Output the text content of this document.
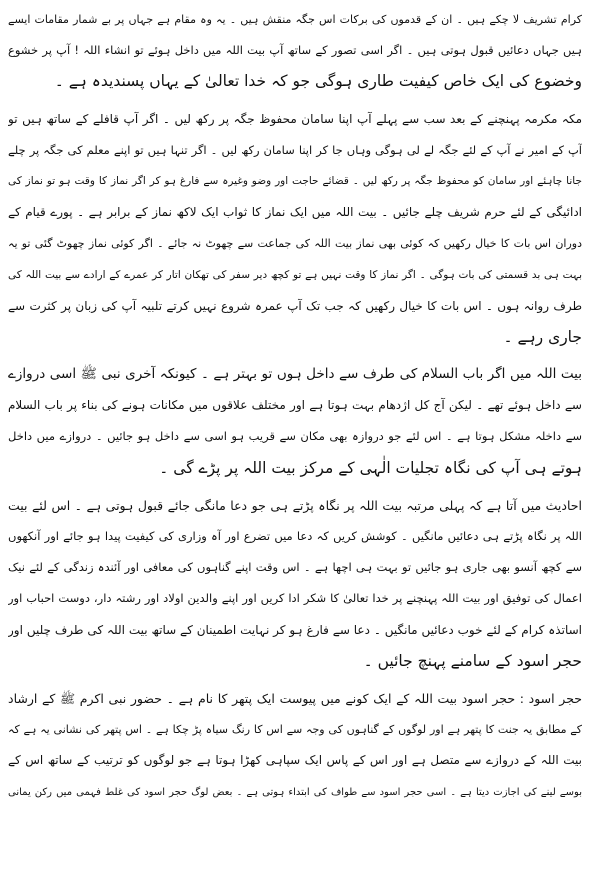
کرام تشریف لا چکے ہیں ۔ ان کے قدموں کی برکات اس جگہ منقش ہیں ۔ یہ وہ مقام ہے جہاں پر بے شمار مقامات ایسے
ہیں جہاں دعائیں قبول ہوتی ہیں ۔ اگر اسی تصور کے ساتھ آپ بیت اللہ میں داخل ہوئے تو انشاء اللہ ! آپ پر خشوع
وخضوع کی ایک خاص کیفیت طاری ہوگی جو کہ خدا تعالیٰ کے یہاں پسندیدہ ہے ۔
مکہ مکرمہ پہنچنے کے بعد سب سے پہلے آپ اپنا سامان محفوظ جگہ پر رکھ لیں ۔ اگر آپ قافلے کے ساتھ ہیں تو
آپ کے امیر نے آپ کے لئے جگہ لے لی ہوگی وہاں جا کر اپنا سامان رکھ لیں ۔ اگر تنہا ہیں تو اپنے معلم کی جگہ پر چلے
جانا چاہئے اور سامان کو محفوظ جگہ پر رکھ لیں ۔ قضائے حاجت اور وضو وغیرہ سے فارغ ہو کر اگر نماز کا وقت ہو تو نماز کی
ادائیگی کے لئے حرم شریف چلے جائیں ۔ بیت اللہ میں ایک نماز کا ثواب ایک لاکھ نماز کے برابر ہے ۔ پورے قیام کے
دوران اس بات کا خیال رکھیں کہ کوئی بھی نماز بیت اللہ کی جماعت سے چھوٹ نہ جائے ۔ اگر کوئی نماز چھوٹ گئی تو یہ
بہت ہی بد قسمتی کی بات ہوگی ۔ اگر نماز کا وقت نہیں ہے تو کچھ دیر سفر کی تھکان اتار کر عمرے کے ارادے سے بیت اللہ کی
طرف روانہ ہوں ۔ اس بات کا خیال رکھیں کہ جب تک آپ عمرہ شروع نہیں کرتے تلبیہ آپ کی زبان پر کثرت سے
جاری رہے ۔
بیت اللہ میں اگر باب السلام کی طرف سے داخل ہوں تو بہتر ہے ۔ کیونکہ آخری نبی ﷺ اسی دروازے
سے داخل ہوئے تھے ۔ لیکن آج کل اژدھام بہت ہوتا ہے اور مختلف علاقوں میں مکانات ہونے کی بناء پر باب السلام
سے داخلہ مشکل ہوتا ہے ۔ اس لئے جو دروازہ بھی مکان سے قریب ہو اسی سے داخل ہو جائیں ۔ دروازے میں داخل
ہوتے ہی آپ کی نگاہ تجلیات الٰہی کے مرکز بیت اللہ پر پڑے گی ۔
احادیث میں آتا ہے کہ پہلی مرتبہ بیت اللہ پر نگاہ پڑتے ہی جو دعا مانگی جائے قبول ہوتی ہے ۔ اس لئے بیت
اللہ پر نگاہ پڑتے ہی دعائیں مانگیں ۔ کوشش کریں کہ دعا میں تضرع اور آہ وزاری کی کیفیت پیدا ہو جائے اور آنکھوں
سے کچھ آنسو بھی جاری ہو جائیں تو بہت ہی اچھا ہے ۔ اس وقت اپنے گناہوں کی معافی اور آئندہ زندگی کے لئے نیک
اعمال کی توفیق اور بیت اللہ پہنچنے پر خدا تعالیٰ کا شکر ادا کریں اور اپنے والدین اولاد اور رشتہ دار، دوست احباب اور
اساتذہ کرام کے لئے خوب دعائیں مانگیں ۔ دعا سے فارغ ہو کر نہایت اطمینان کے ساتھ بیت اللہ کی طرف چلیں اور
حجر اسود کے سامنے پہنچ جائیں ۔
حجر اسود : حجر اسود بیت اللہ کے ایک کونے میں پیوست ایک پتھر کا نام ہے ۔ حضور نبی اکرم ﷺ کے ارشاد
کے مطابق یہ جنت کا پتھر ہے اور لوگوں کے گناہوں کی وجہ سے اس کا رنگ سیاہ پڑ چکا ہے ۔ اس پتھر کی نشانی یہ ہے کہ
بیت اللہ کے دروازے سے متصل ہے اور اس کے پاس ایک سپاہی کھڑا ہوتا ہے جو لوگوں کو ترتیب کے ساتھ اس کے
بوسے لینے کی اجازت دیتا ہے ۔ اسی حجر اسود سے طواف کی ابتداء ہوتی ہے ۔ بعض لوگ حجر اسود کی غلط فہمی میں رکن یمانی
